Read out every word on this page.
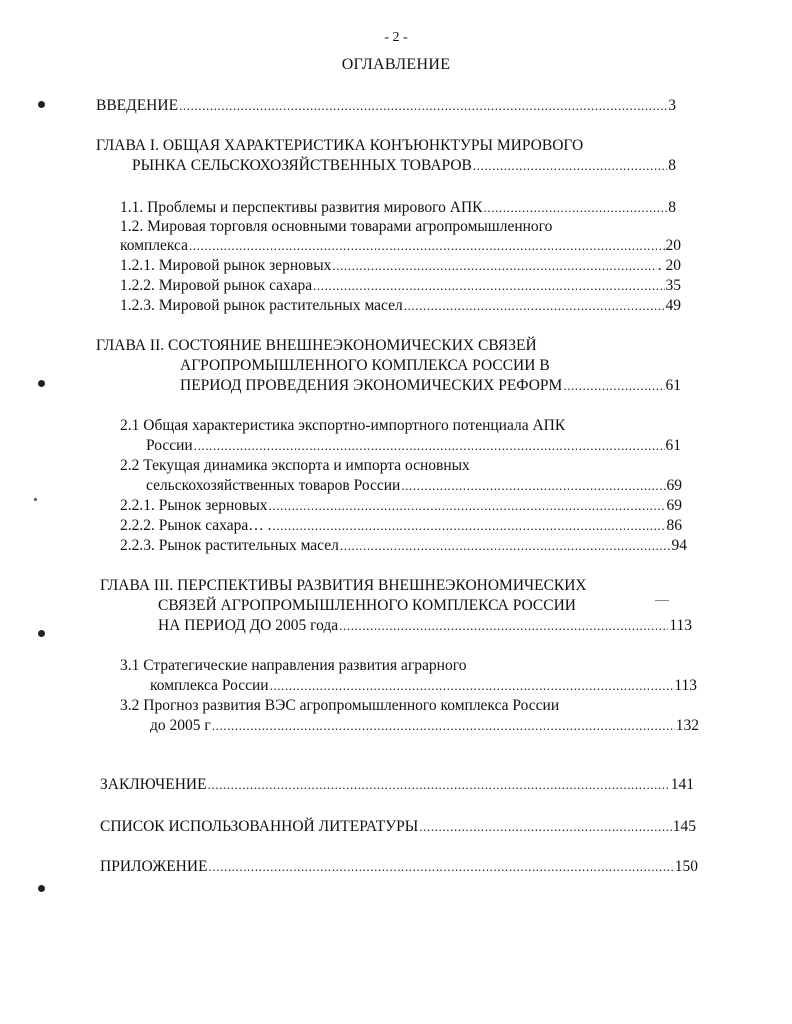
- 2 -
ОГЛАВЛЕНИЕ
ВВЕДЕНИЕ .....	3
ГЛАВА I. ОБЩАЯ ХАРАКТЕРИСТИКА КОНЪЮНКТУРЫ МИРОВОГО
РЫНКА СЕЛЬСКОХОЗЯЙСТВЕННЫХ ТОВАРОВ .....	8
1.1. Проблемы и перспективы развития мирового АПК .....	8
1.2. Мировая торговля основными товарами агропромышленного
комплекса .....	20
1.2.1. Мировой рынок зерновых .....	. 20
1.2.2. Мировой рынок сахара .....	35
1.2.3. Мировой рынок растительных масел .....	49
ГЛАВА II. СОСТОЯНИЕ ВНЕШНЕЭКОНОМИЧЕСКИХ СВЯЗЕЙ
АГРОПРОМЫШЛЕННОГО КОМПЛЕКСА РОССИИ В
ПЕРИОД ПРОВЕДЕНИЯ ЭКОНОМИЧЕСКИХ РЕФОРМ .....	61
2.1 Общая характеристика экспортно-импортного потенциала АПК
России .....	61
2.2 Текущая динамика экспорта и импорта основных
сельскохозяйственных товаров России .....	69
2.2.1. Рынок зерновых .....	69
2.2.2. Рынок сахара… . .....	86
2.2.3. Рынок растительных масел .....	94
ГЛАВА III. ПЕРСПЕКТИВЫ РАЗВИТИЯ ВНЕШНЕЭКОНОМИЧЕСКИХ
СВЯЗЕЙ АГРОПРОМЫШЛЕННОГО КОМПЛЕКСА РОССИИ
НА ПЕРИОД ДО 2005 года .....	113
3.1 Стратегические направления развития аграрного
комплекса России .....	113
3.2 Прогноз развития ВЭС агропромышленного комплекса России
до 2005 г .....	132
ЗАКЛЮЧЕНИЕ .....	141
СПИСОК ИСПОЛЬЗОВАННОЙ ЛИТЕРАТУРЫ .....	145
ПРИЛОЖЕНИЕ .....	150
